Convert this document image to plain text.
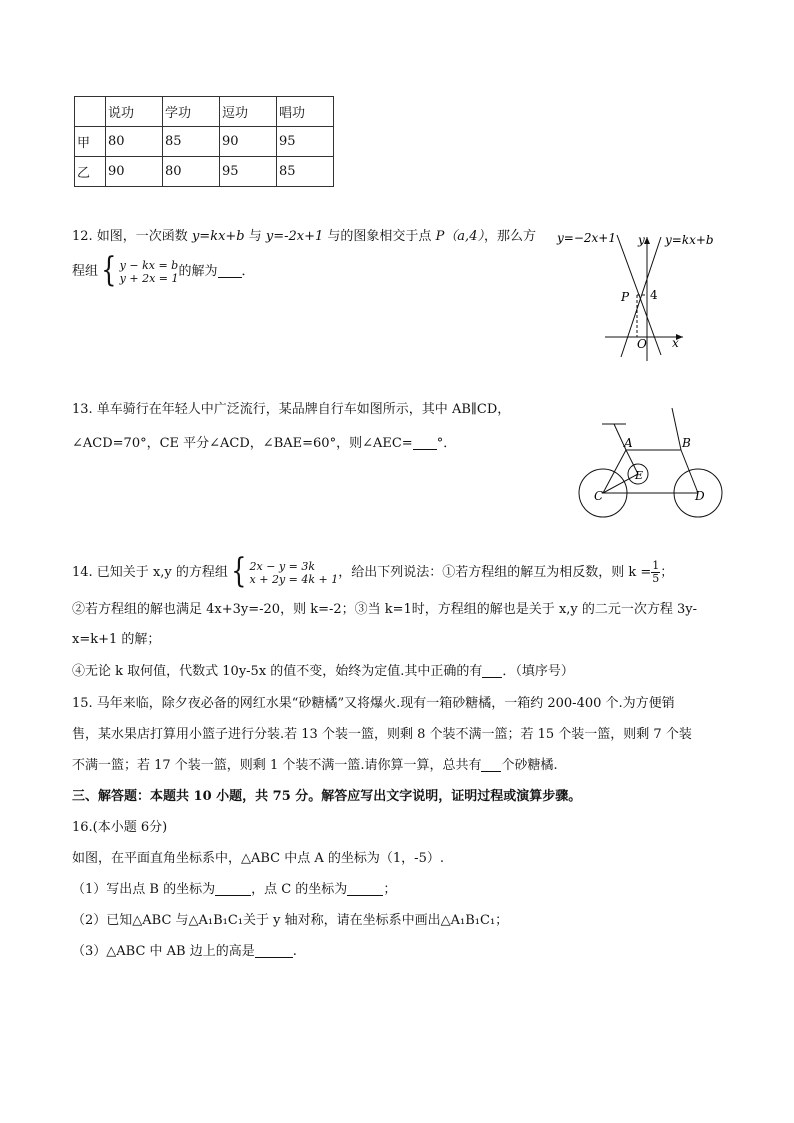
	说功	学功	逗功	唱功
甲	80	85	90	95
乙	90	80	95	85
12. 如图，一次函数 y=kx+b 与 y=-2x+1 与的图象相交于点 P（a,4），那么方
程组{ y − kx = b
y + 2x = 1 的解为 ．
y=−2x+1 y y=kx+b
P 4
O x
13. 单车骑行在年轻人中广泛流行，某品牌自行车如图所示，其中 AB∥CD，
∠ACD=70°，CE 平分∠ACD，∠BAE=60°，则∠AEC= °．	A	B
C	D
E
14. 已知关于 x,y 的方程组{ 2x − y = 3k
x + 2y = 4k + 1 ，给出下列说法：①若方程组的解互为相反数，则 $k = \frac{1}{5}$ ；
②若方程组的解也满足 4x+3y=-20，则 k=-2；③当 k=1时，方程组的解也是关于 x,y 的二元一次方程 3y-
x=k+1 的解；
④无论 k 取何值，代数式 10y-5x 的值不变，始终为定值.其中正确的有 ．（填序号）
15. 马年来临，除夕夜必备的网红水果“砂糖橘”又将爆火.现有一箱砂糖橘，一箱约 200-400 个.为方便销
售，某水果店打算用小篮子进行分装.若 13 个装一篮，则剩 8 个装不满一篮；若 15 个装一篮，则剩 7 个装
不满一篮；若 17 个装一篮，则剩 1 个装不满一篮.请你算一算，总共有 个砂糖橘.
三、解答题：本题共 10 小题，共 75 分。解答应写出文字说明，证明过程或演算步骤。
16.(本小题 6分)
如图，在平面直角坐标系中，△ABC 中点 A 的坐标为（1，-5）.
（1）写出点 B 的坐标为	，点 C 的坐标为	；
（2）已知△ABC 与△A₁B₁C₁关于 y 轴对称，请在坐标系中画出△A₁B₁C₁；
（3）△ABC 中 AB 边上的高是	.
